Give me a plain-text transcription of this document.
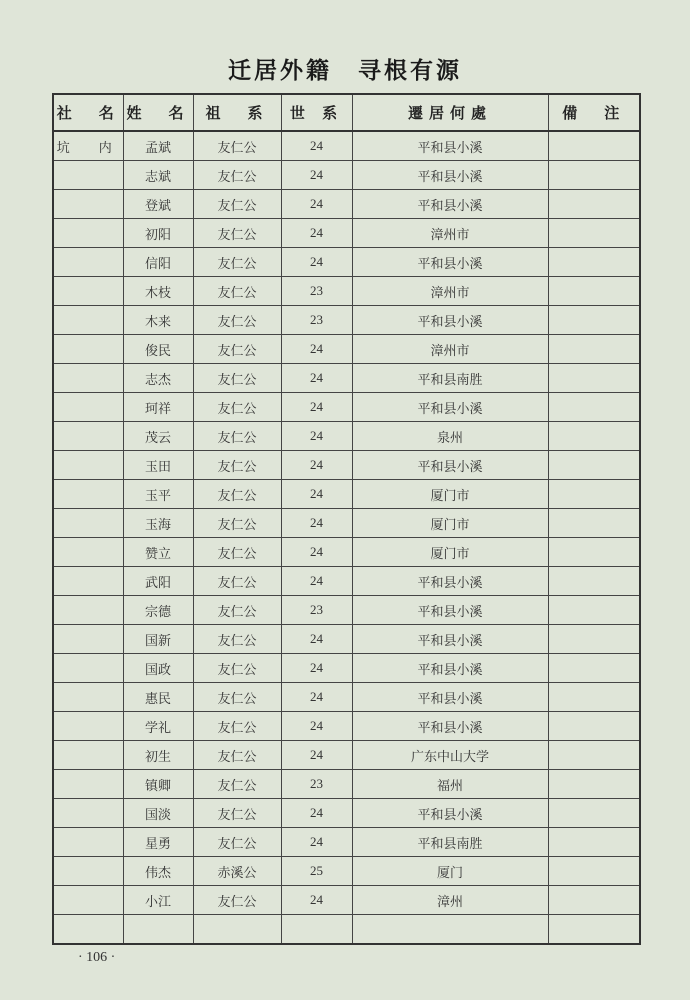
迁居外籍　寻根有源
社　名	姓　名	祖　系	世 系	遷居何處	備　注
坑　内	孟斌	友仁公	24	平和县小溪	
	志斌	友仁公	24	平和县小溪	
	登斌	友仁公	24	平和县小溪	
	初阳	友仁公	24	漳州市	
	信阳	友仁公	24	平和县小溪	
	木枝	友仁公	23	漳州市	
	木来	友仁公	23	平和县小溪	
	俊民	友仁公	24	漳州市	
	志杰	友仁公	24	平和县南胜	
	珂祥	友仁公	24	平和县小溪	
	茂云	友仁公	24	泉州	
	玉田	友仁公	24	平和县小溪	
	玉平	友仁公	24	厦门市	
	玉海	友仁公	24	厦门市	
	赞立	友仁公	24	厦门市	
	武阳	友仁公	24	平和县小溪	
	宗德	友仁公	23	平和县小溪	
	国新	友仁公	24	平和县小溪	
	国政	友仁公	24	平和县小溪	
	惠民	友仁公	24	平和县小溪	
	学礼	友仁公	24	平和县小溪	
	初生	友仁公	24	广东中山大学	
	镇卿	友仁公	23	福州	
	国淡	友仁公	24	平和县小溪	
	星勇	友仁公	24	平和县南胜	
	伟杰	赤溪公	25	厦门	
	小江	友仁公	24	漳州	

· 106 ·
